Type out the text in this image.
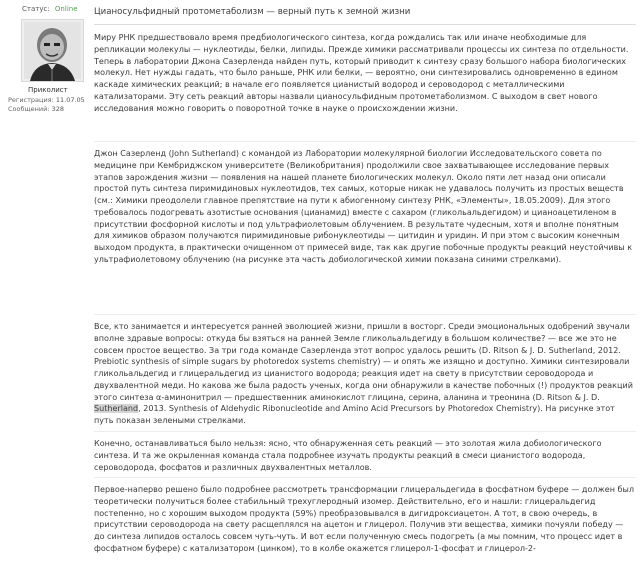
Статус: Online
Приколист
Регистрация: 11.07.05
Сообщений: 328
Цианосульфидный протометаболизм — верный путь к земной жизни

Миру РНК предшествовало время предбиологического синтеза, когда рождались так или иначе необходимые для репликации молекулы — нуклеотиды, белки, липиды. Прежде химики рассматривали процессы их синтеза по отдельности. Теперь в лаборатории Джона Сазерленда найден путь, который приводит к синтезу сразу большого набора биологических молекул. Нет нужды гадать, что было раньше, РНК или белки, — вероятно, они синтезировались одновременно в едином каскаде химических реакций; в начале его появляется цианистый водород и сероводород с металлическими катализаторами. Эту сеть реакций авторы назвали цианосульфидным протометаболизмом. С выходом в свет нового исследования можно говорить о поворотной точке в науке о происхождении жизни.

Джон Сазерленд (John Sutherland) с командой из Лаборатории молекулярной биологии Исследовательского совета по медицине при Кембриджском университете (Великобритания) продолжили свое захватывающее исследование первых этапов зарождения жизни — появления на нашей планете биологических молекул. Около пяти лет назад они описали простой путь синтеза пиримидиновых нуклеотидов, тех самых, которые никак не удавалось получить из простых веществ (см.: Химики преодолели главное препятствие на пути к абиогенному синтезу РНК, «Элементы», 18.05.2009). Для этого требовалось подогревать азотистые основания (цианамид) вместе с сахаром (гликольальдегидом) и цианоацетиленом в присутствии фосфорной кислоты и под ультрафиолетовым облучением. В результате чудесным, хотя и вполне понятным для химиков образом получаются пиримидиновые рибонуклеотиды — цитидин и уридин. И при этом с высоким конечным выходом продукта, в практически очищенном от примесей виде, так как другие побочные продукты реакций неустойчивы к ультрафиолетовому облучению (на рисунке эта часть добиологической химии показана синими стрелками).

Все, кто занимается и интересуется ранней эволюцией жизни, пришли в восторг. Среди эмоциональных одобрений звучали вполне здравые вопросы: откуда бы взяться на ранней Земле гликольальдегиду в большом количестве? — все же это не совсем простое вещество. За три года команде Сазерленда этот вопрос удалось решить (D. Ritson & J. D. Sutherland, 2012. Prebiotic synthesis of simple sugars by photoredox systems chemistry) — и опять же изящно и доступно. Химики синтезировали гликольальдегид и глицеральдегид из цианистого водорода; реакция идет на свету в присутствии сероводорода и двухвалентной меди. Но какова же была радость ученых, когда они обнаружили в качестве побочных (!) продуктов реакций этого синтеза α-аминонитрил — предшественник аминокислот глицина, серина, аланина и треонина (D. Ritson & J. D. Sutherland, 2013. Synthesis of Aldehydic Ribonucleotide and Amino Acid Precursors by Photoredox Chemistry). На рисунке этот путь показан зелеными стрелками.

Конечно, останавливаться было нельзя: ясно, что обнаруженная сеть реакций — это золотая жила добиологического синтеза. И та же окрыленная команда стала подробнее изучать продукты реакций в смеси цианистого водорода, сероводорода, фосфатов и различных двухвалентных металлов.

Первое-наперво решено было подробнее рассмотреть трансформации глицеральдегида в фосфатном буфере — должен был теоретически получиться более стабильный трехуглеродный изомер. Действительно, его и нашли: глицеральдегид постепенно, но с хорошим выходом продукта (59%) преобразовывался в дигидроксиацетон. А тот, в свою очередь, в присутствии сероводорода на свету расщеплялся на ацетон и глицерол. Получив эти вещества, химики почуяли победу — до синтеза липидов осталось совсем чуть-чуть. И вот если полученную смесь подогреть (а мы помним, что процесс идет в фосфатном буфере) с катализатором (цинком), то в колбе окажется глицерол-1-фосфат и глицерол-2-
